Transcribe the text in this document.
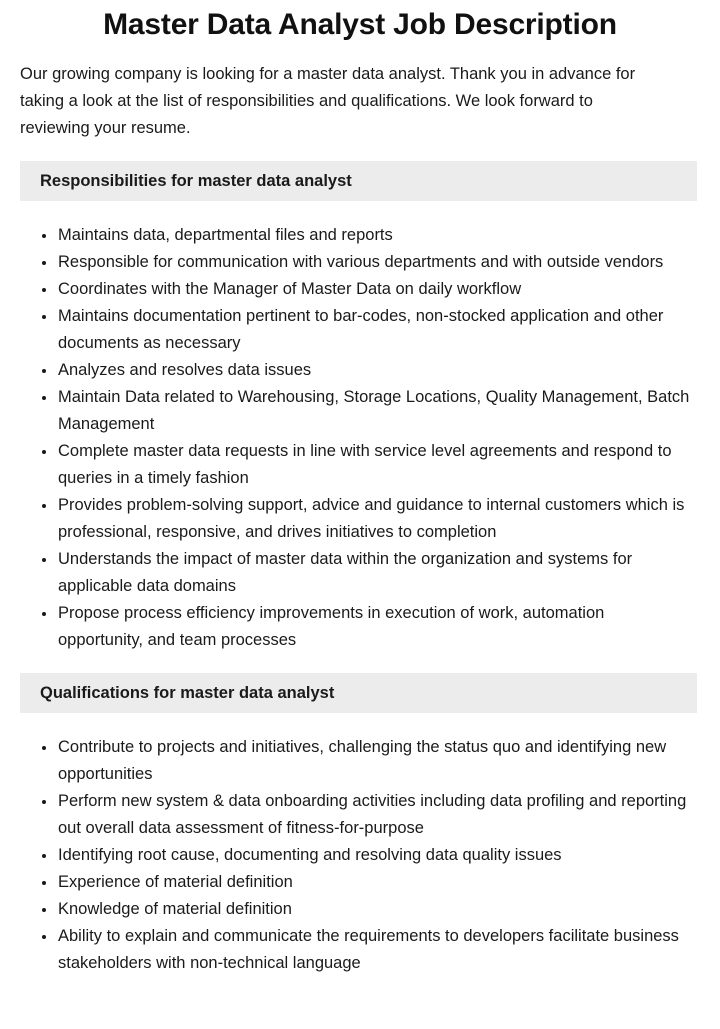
Master Data Analyst Job Description

Our growing company is looking for a master data analyst. Thank you in advance for taking a look at the list of responsibilities and qualifications. We look forward to reviewing your resume.

Responsibilities for master data analyst
Maintains data, departmental files and reports
Responsible for communication with various departments and with outside vendors
Coordinates with the Manager of Master Data on daily workflow
Maintains documentation pertinent to bar-codes, non-stocked application and other documents as necessary
Analyzes and resolves data issues
Maintain Data related to Warehousing, Storage Locations, Quality Management, Batch Management
Complete master data requests in line with service level agreements and respond to queries in a timely fashion
Provides problem-solving support, advice and guidance to internal customers which is professional, responsive, and drives initiatives to completion
Understands the impact of master data within the organization and systems for applicable data domains
Propose process efficiency improvements in execution of work, automation opportunity, and team processes
Qualifications for master data analyst
Contribute to projects and initiatives, challenging the status quo and identifying new opportunities
Perform new system & data onboarding activities including data profiling and reporting out overall data assessment of fitness-for-purpose
Identifying root cause, documenting and resolving data quality issues
Experience of material definition
Knowledge of material definition
Ability to explain and communicate the requirements to developers facilitate business stakeholders with non-technical language
